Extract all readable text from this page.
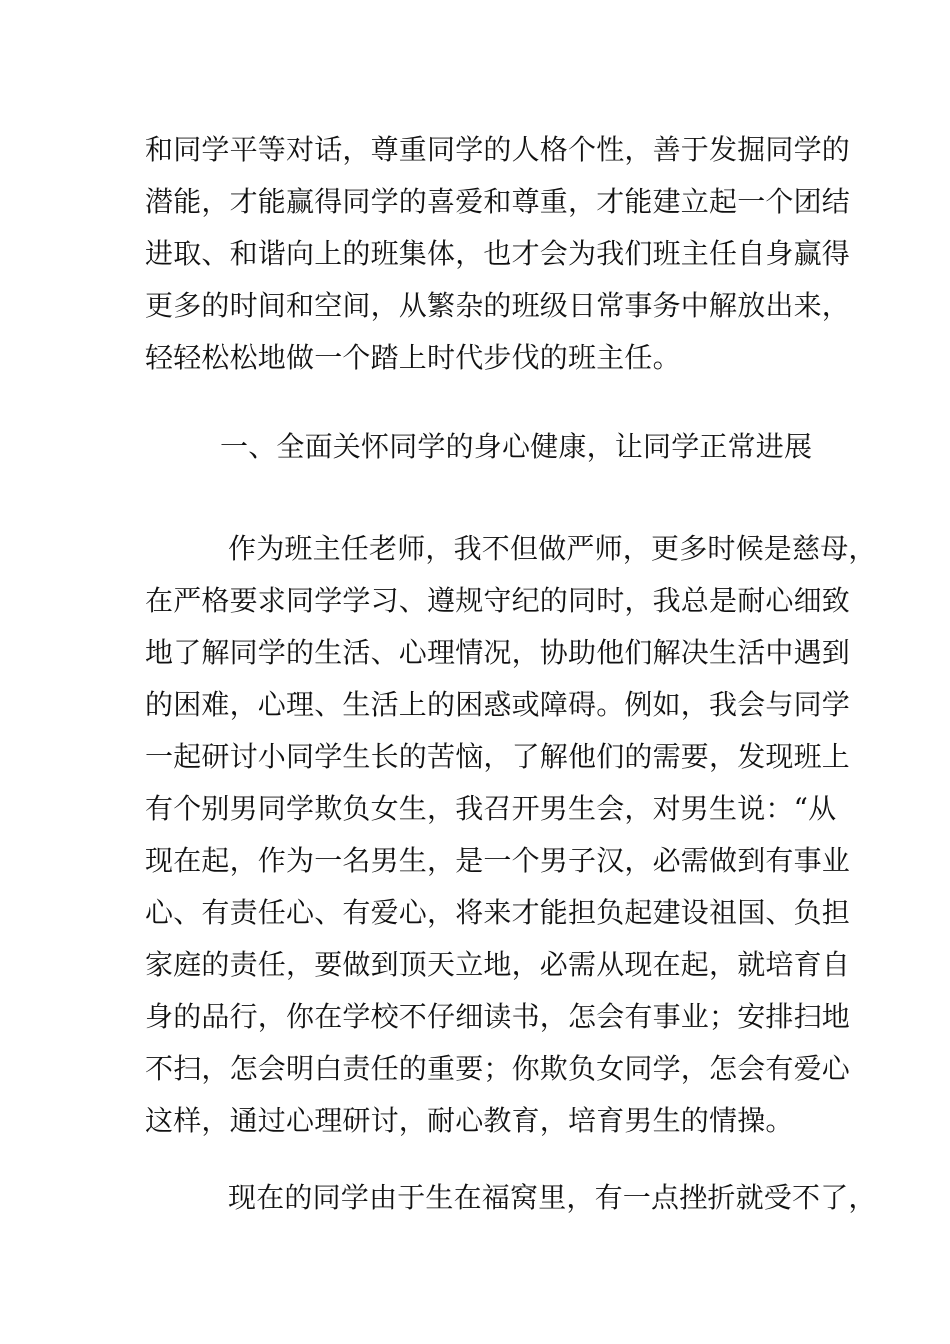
和同学平等对话，尊重同学的人格个性，善于发掘同学的
潜能，才能赢得同学的喜爱和尊重，才能建立起一个团结
进取、和谐向上的班集体，也才会为我们班主任自身赢得
更多的时间和空间，从繁杂的班级日常事务中解放出来，
轻轻松松地做一个踏上时代步伐的班主任。
一、全面关怀同学的身心健康，让同学正常进展
作为班主任老师，我不但做严师，更多时候是慈母，
在严格要求同学学习、遵规守纪的同时，我总是耐心细致
地了解同学的生活、心理情况，协助他们解决生活中遇到
的困难，心理、生活上的困惑或障碍。例如，我会与同学
一起研讨小同学生长的苦恼，了解他们的需要，发现班上
有个别男同学欺负女生，我召开男生会，对男生说：“从
现在起，作为一名男生，是一个男子汉，必需做到有事业
心、有责任心、有爱心，将来才能担负起建设祖国、负担
家庭的责任，要做到顶天立地，必需从现在起，就培育自
身的品行，你在学校不仔细读书，怎会有事业；安排扫地
不扫，怎会明白责任的重要；你欺负女同学，怎会有爱心
这样，通过心理研讨，耐心教育，培育男生的情操。
现在的同学由于生在福窝里，有一点挫折就受不了，
